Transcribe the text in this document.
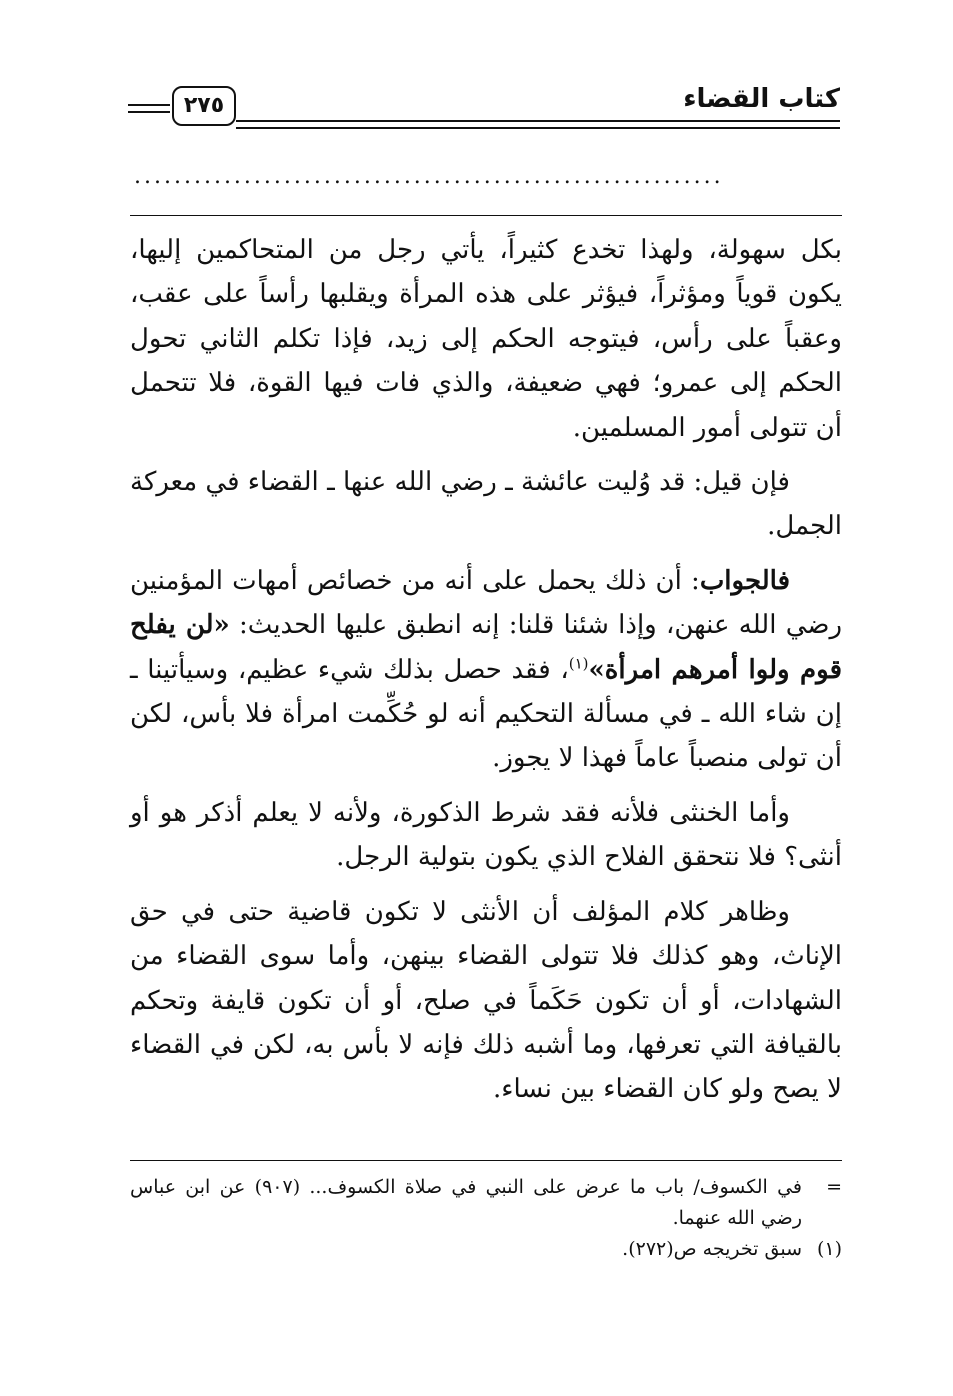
٢٧٥	كتاب القضاء
...........................................................

بكل سهولة، ولهذا تخدع كثيراً، يأتي رجل من المتحاكمين إليها، يكون قوياً ومؤثراً، فيؤثر على هذه المرأة ويقلبها رأساً على عقب، وعقباً على رأس، فيتوجه الحكم إلى زيد، فإذا تكلم الثاني تحول الحكم إلى عمرو؛ فهي ضعيفة، والذي فات فيها القوة، فلا تتحمل أن تتولى أمور المسلمين.

فإن قيل: قد وُليت عائشة ـ رضي الله عنها ـ القضاء في معركة الجمل.

فالجواب: أن ذلك يحمل على أنه من خصائص أمهات المؤمنين رضي الله عنهن، وإذا شئنا قلنا: إنه انطبق عليها الحديث: «لن يفلح قوم ولوا أمرهم امرأة»$^{(١)}$، فقد حصل بذلك شيء عظيم، وسيأتينا ـ إن شاء الله ـ في مسألة التحكيم أنه لو حُكِّمت امرأة فلا بأس، لكن أن تولى منصباً عاماً فهذا لا يجوز.

وأما الخنثى فلأنه فقد شرط الذكورة، ولأنه لا يعلم أذكر هو أو أنثى؟ فلا نتحقق الفلاح الذي يكون بتولية الرجل.

وظاهر كلام المؤلف أن الأنثى لا تكون قاضية حتى في حق الإناث، وهو كذلك فلا تتولى القضاء بينهن، وأما سوى القضاء من الشهادات، أو أن تكون حَكَماً في صلح، أو أن تكون قايفة وتحكم بالقيافة التي تعرفها، وما أشبه ذلك فإنه لا بأس به، لكن في القضاء لا يصح ولو كان القضاء بين نساء.

=
في الكسوف/ باب ما عرض على النبي في صلاة الكسوف... (٩٠٧) عن ابن عباس رضي الله عنهما.
(١)
سبق تخريجه ص(٢٧٢).
